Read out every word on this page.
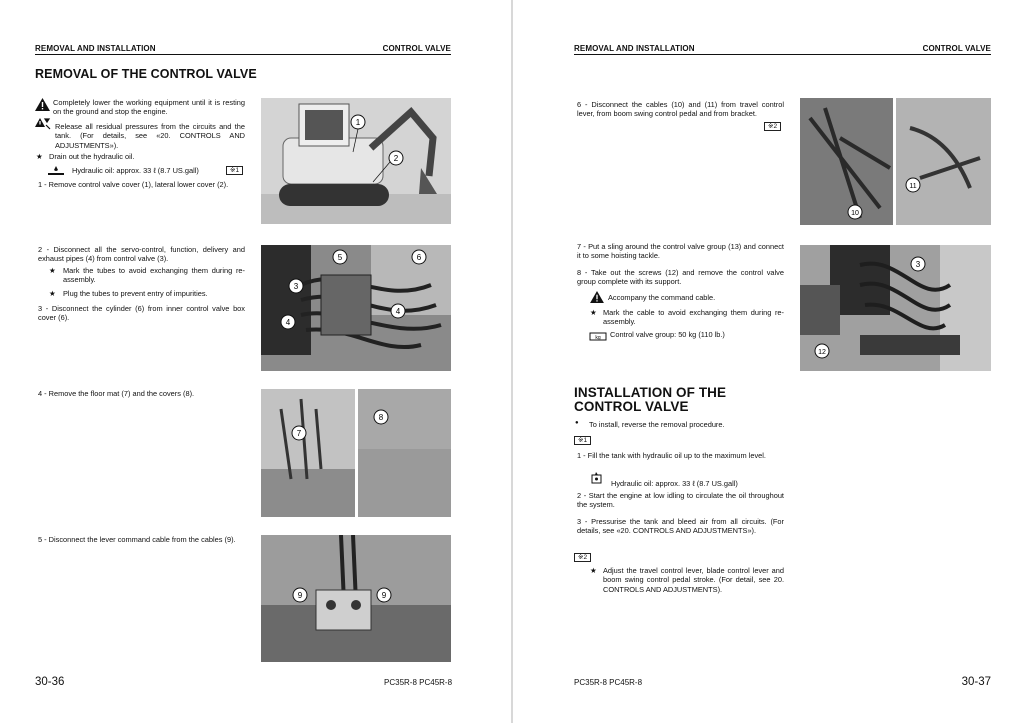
REMOVAL AND INSTALLATION	CONTROL VALVE
REMOVAL OF THE CONTROL VALVE
Completely lower the working equipment until it is resting on the ground and stop the engine.
Release all residual pressures from the circuits and the tank. (For details, see «20. CONTROLS AND ADJUSTMENTS»).
★ Drain out the hydraulic oil.
Hydraulic oil: approx. 33 ℓ (8.7 US.gall)	※1
1 - Remove control valve cover (1), lateral lower cover (2).
1
2
2 - Disconnect all the servo-control, function, delivery and exhaust pipes (4) from control valve (3).
★ Mark the tubes to avoid exchanging them during re-assembly.
★ Plug the tubes to prevent entry of impurities.
3 - Disconnect the cylinder (6) from inner control valve box cover (6).
5	6
3
4
4
4 - Remove the floor mat (7) and the covers (8).
7
8
5 - Disconnect the lever command cable from the cables (9).
9	9
30-36	PC35R-8 PC45R-8
REMOVAL AND INSTALLATION	CONTROL VALVE
6 - Disconnect the cables (10) and (11) from travel control lever, from boom swing control pedal and from bracket.
※2
10
11
7 - Put a sling around the control valve group (13) and connect it to some hoisting tackle.
8 - Take out the screws (12) and remove the control valve group complete with its support.
Accompany the command cable.
★ Mark the cable to avoid exchanging them during re-assembly.
kg Control valve group: 50 kg (110 lb.)
3
12
INSTALLATION OF THE
CONTROL VALVE
● To install, reverse the removal procedure.
※1
1 - Fill the tank with hydraulic oil up to the maximum level.
Hydraulic oil: approx. 33 ℓ (8.7 US.gall)
2 - Start the engine at low idling to circulate the oil throughout the system.
3 - Pressurise the tank and bleed air from all circuits. (For details, see «20. CONTROLS AND ADJUSTMENTS»).
※2
★ Adjust the travel control lever, blade control lever and boom swing control pedal stroke. (For detail, see 20. CONTROLS AND ADJUSTMENTS).
PC35R-8 PC45R-8	30-37
